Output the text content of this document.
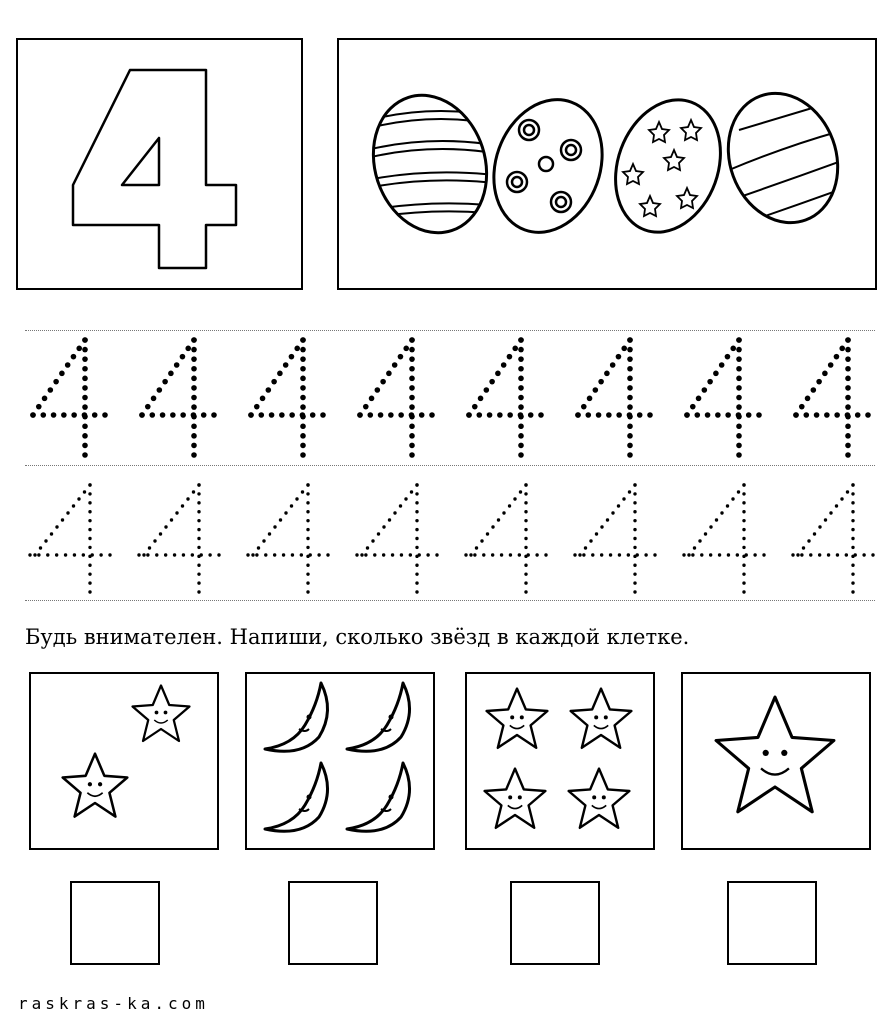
Будь внимателен. Напиши, сколько звёзд в каждой клетке.
raskras-ka.com
